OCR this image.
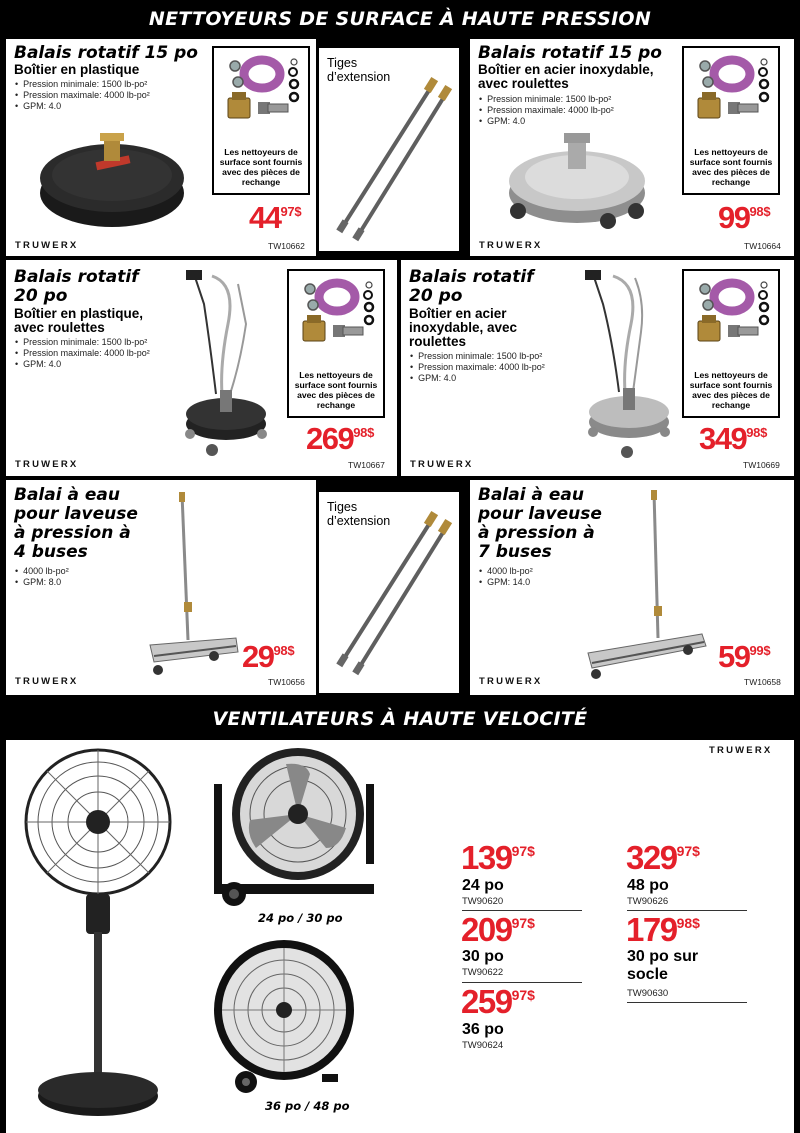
NETTOYEURS DE SURFACE À HAUTE PRESSION
Balais rotatif 15 po
Boîtier en plastique
• Pression minimale: 1500 lb-po²
• Pression maximale: 4000 lb-po²
• GPM: 4.0
Les nettoyeurs de surface sont fournis avec des pièces de rechange
$44^{97\$}$
TRUWERX	TW10662
Tiges d’extension
Balais rotatif 15 po
Boîtier en acier inoxydable, avec roulettes
• Pression minimale: 1500 lb-po²
• Pression maximale: 4000 lb-po²
• GPM: 4.0
Les nettoyeurs de surface sont fournis avec des pièces de rechange
$99^{98\$}$
TRUWERX	TW10664
Balais rotatif 20 po
Boîtier en plastique, avec roulettes
• Pression minimale: 1500 lb-po²
• Pression maximale: 4000 lb-po²
• GPM: 4.0
Les nettoyeurs de surface sont fournis avec des pièces de rechange
$269^{98\$}$
TRUWERX	TW10667
Balais rotatif 20 po
Boîtier en acier inoxydable, avec roulettes
• Pression minimale: 1500 lb-po²
• Pression maximale: 4000 lb-po²
• GPM: 4.0	Les nettoyeurs de surface sont fournis avec des pièces de rechange
$349^{98\$}$
TRUWERX	TW10669
Balai à eau pour laveuse à pression à 4 buses
• 4000 lb-po²
• GPM: 8.0
$29^{98\$}$
TRUWERX	TW10656
Tiges d’extension
Balai à eau pour laveuse à pression à 7 buses
• 4000 lb-po²
• GPM: 14.0
$59^{99\$}$
TRUWERX	TW10658
VENTILATEURS À HAUTE VELOCITÉ
TRUWERX
24 po / 30 po
36 po / 48 po
13997$
24 po
TW90620
20997$
30 po
TW90622
25997$
36 po
TW90624
32997$
48 po
TW90626
17998$
30 po sur socle
TW90630
